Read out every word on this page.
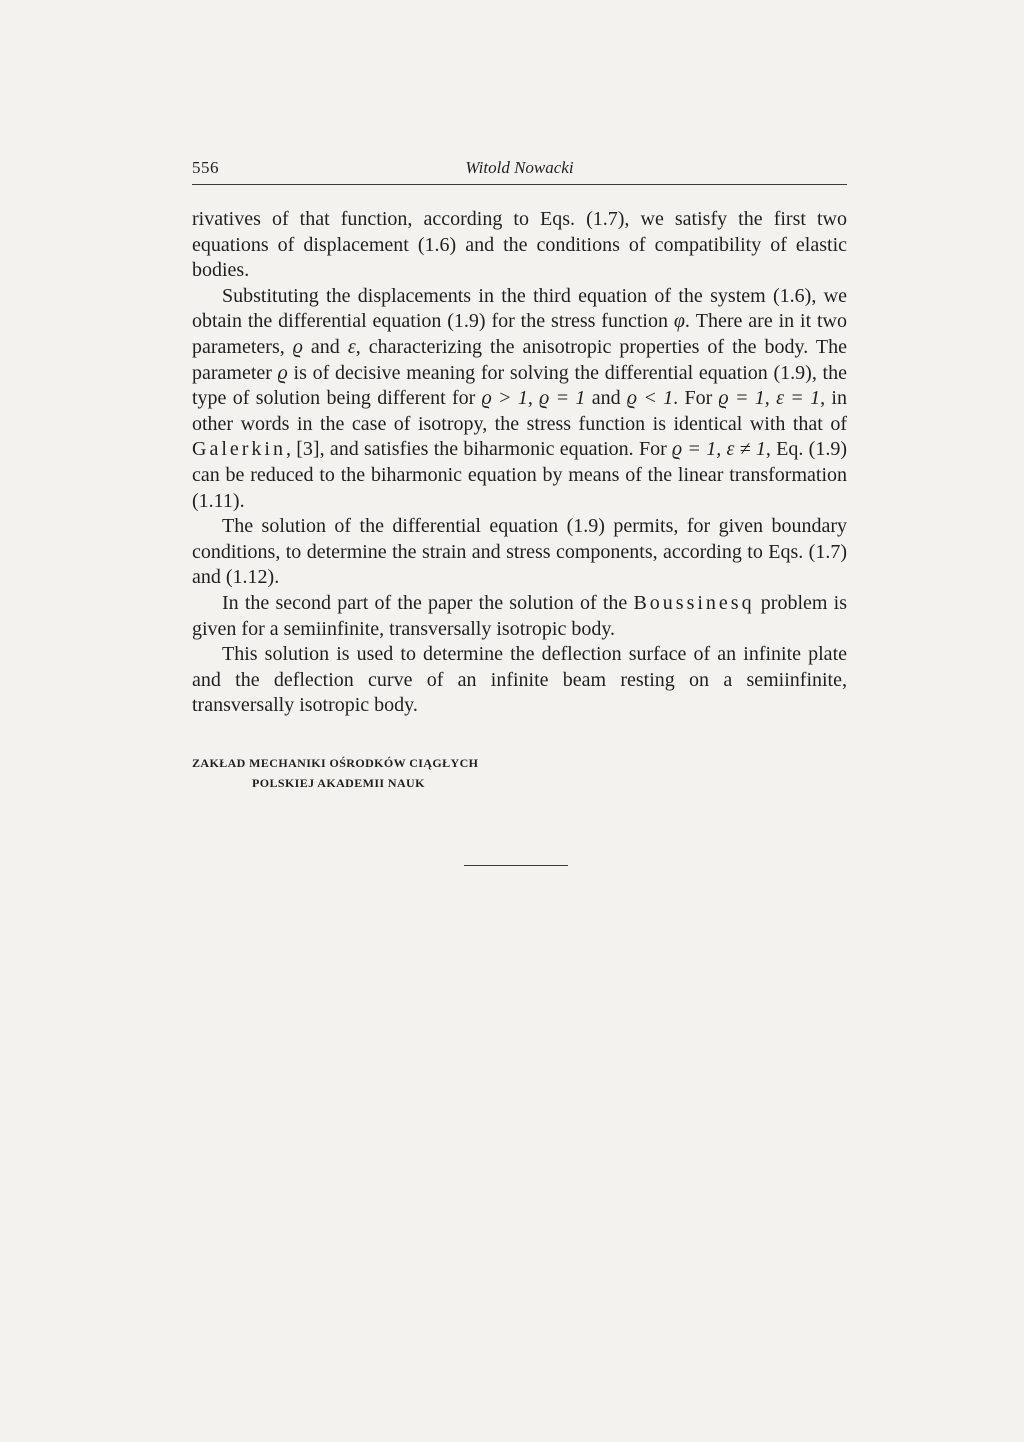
556	Witold Nowacki

rivatives of that function, according to Eqs. (1.7), we satisfy the first two equations of displacement (1.6) and the conditions of compatibility of elastic bodies.

Substituting the displacements in the third equation of the system (1.6), we obtain the differential equation (1.9) for the stress function φ. There are in it two parameters, ϱ and ε, characterizing the anisotropic properties of the body. The parameter ϱ is of decisive meaning for solving the differential equation (1.9), the type of solution being different for ϱ > 1, ϱ = 1 and ϱ < 1. For ϱ = 1, ε = 1, in other words in the case of isotropy, the stress function is identical with that of Galerkin, [3], and satisfies the biharmonic equation. For ϱ = 1, ε ≠ 1, Eq. (1.9) can be reduced to the biharmonic equation by means of the linear transformation (1.11).

The solution of the differential equation (1.9) permits, for given boundary conditions, to determine the strain and stress components, according to Eqs. (1.7) and (1.12).

In the second part of the paper the solution of the Boussinesq problem is given for a semiinfinite, transversally isotropic body.

This solution is used to determine the deflection surface of an infinite plate and the deflection curve of an infinite beam resting on a semiinfinite, transversally isotropic body.

ZAKŁAD MECHANIKI OŚRODKÓW CIĄGŁYCH
POLSKIEJ AKADEMII NAUK
